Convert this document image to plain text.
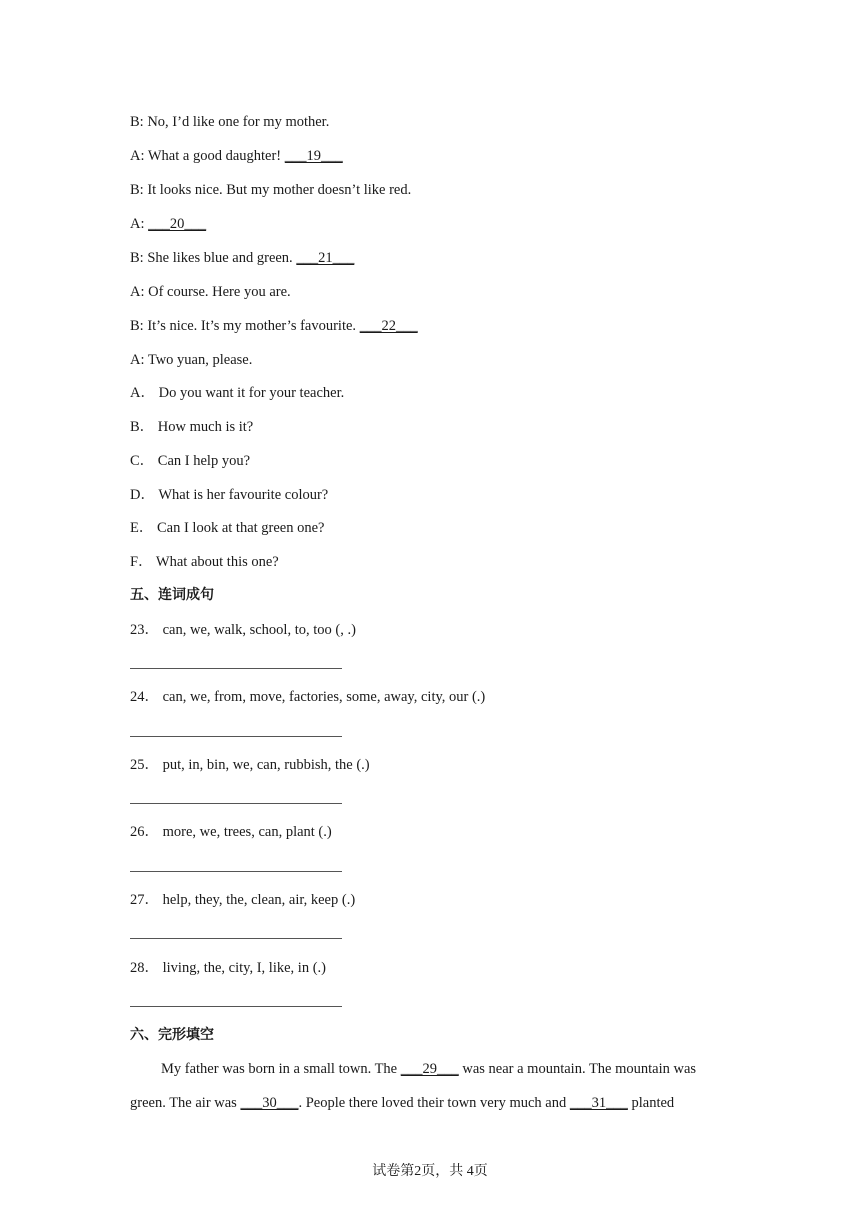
B: No, I’d like one for my mother.
A: What a good daughter! ___19___
B: It looks nice. But my mother doesn’t like red.
A: ___20___
B: She likes blue and green. ___21___
A: Of course. Here you are.
B: It’s nice. It’s my mother’s favourite. ___22___
A: Two yuan, please.
A． Do you want it for your teacher.
B． How much is it?
C． Can I help you?
D． What is her favourite colour?
E． Can I look at that green one?
F． What about this one?
五、连词成句
23． can, we, walk, school, to, too (, .)
24． can, we, from, move, factories, some, away, city, our (.)
25． put, in, bin, we, can, rubbish, the (.)
26． more, we, trees, can, plant (.)
27． help, they, the, clean, air, keep (.)
28． living, the, city, I, like, in (.)
六、完形填空
My father was born in a small town. The ___29___ was near a mountain. The mountain was
green. The air was ___30___. People there loved their town very much and ___31___ planted
试卷第2页，共 4页
